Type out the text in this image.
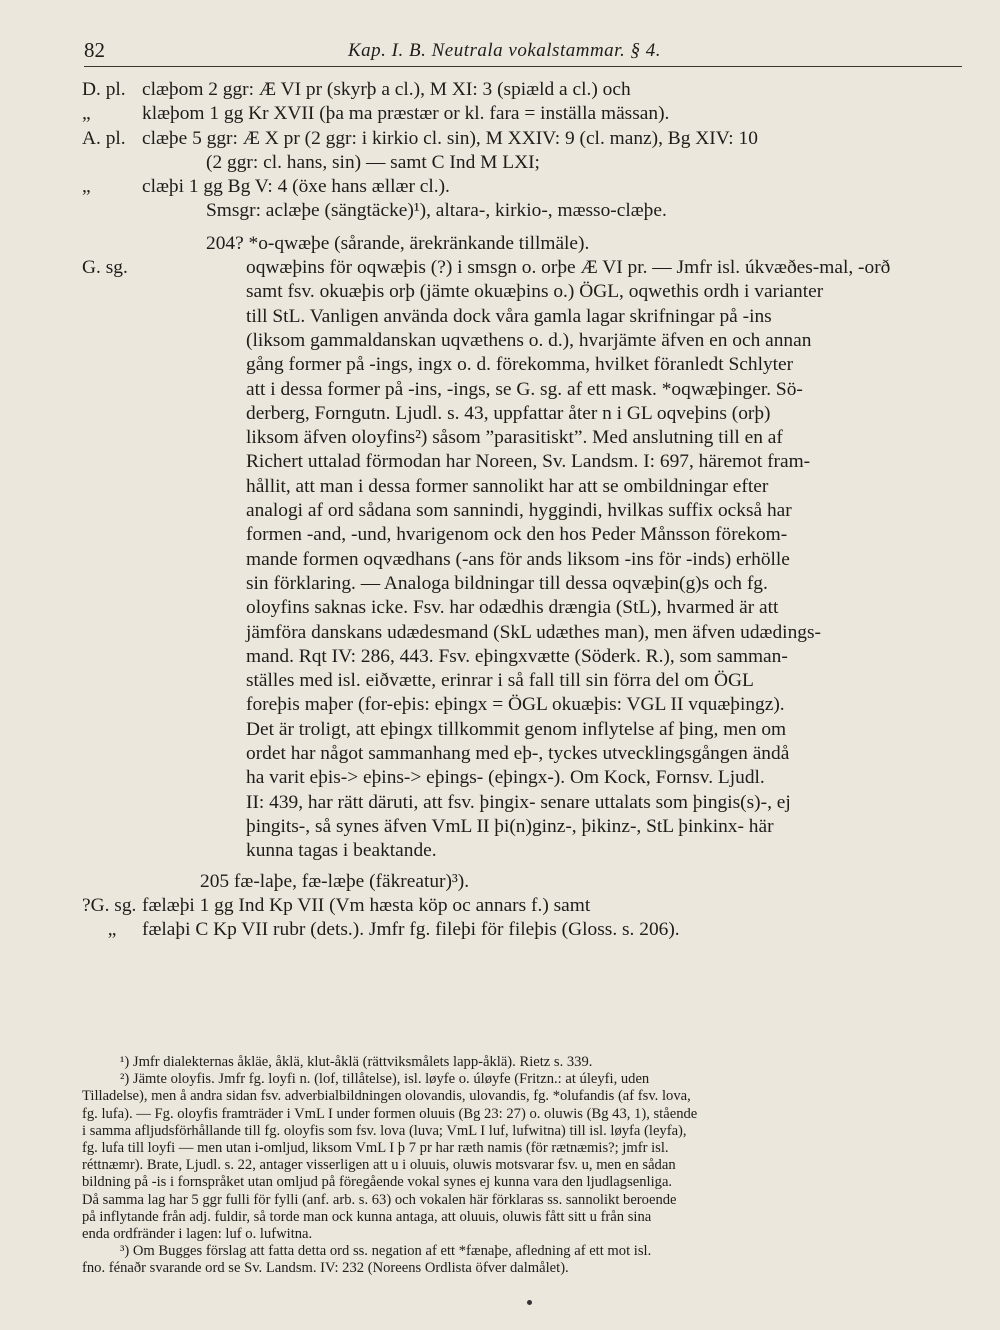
82	Kap. I. B. Neutrala vokalstammar. § 4.
D. pl. clæþom 2 ggr: Æ VI pr (skyrþ a cl.), M XI: 3 (spiæld a cl.) och
„	klæþom 1 gg Kr XVII (þa ma præstær or kl. fara = inställa mässan).
A. pl. clæþe 5 ggr: Æ X pr (2 ggr: i kirkio cl. sin), M XXIV: 9 (cl. manz), Bg XIV: 10
(2 ggr: cl. hans, sin) — samt C Ind M LXI;
„	clæþi 1 gg Bg V: 4 (öxe hans ællær cl.).
Smsgr: aclæþe (sängtäcke)¹), altara-, kirkio-, mæsso-clæþe.
204? *o-qwæþe (sårande, ärekränkande tillmäle).
G. sg.	oqwæþins för oqwæþis (?) i smsgn o. orþe Æ VI pr. — Jmfr isl. úkvæðes-mal, -orð
samt fsv. okuæþis orþ (jämte okuæþins o.) ÖGL, oqwethis ordh i varianter
till StL. Vanligen använda dock våra gamla lagar skrifningar på -ins
(liksom gammaldanskan uqvæthens o. d.), hvarjämte äfven en och annan
gång former på -ings, ingx o. d. förekomma, hvilket föranledt Schlyter
att i dessa former på -ins, -ings, se G. sg. af ett mask. *oqwæþinger. Sö-
derberg, Forngutn. Ljudl. s. 43, uppfattar åter n i GL oqveþins (orþ)
liksom äfven oloyfins²) såsom ”parasitiskt”. Med anslutning till en af
Richert uttalad förmodan har Noreen, Sv. Landsm. I: 697, häremot fram-
hållit, att man i dessa former sannolikt har att se ombildningar efter
analogi af ord sådana som sannindi, hyggindi, hvilkas suffix också har
formen -and, -und, hvarigenom ock den hos Peder Månsson förekom-
mande formen oqvædhans (-ans för ands liksom -ins för -inds) erhölle
sin förklaring. — Analoga bildningar till dessa oqvæþin(g)s och fg.
oloyfins saknas icke. Fsv. har odædhis drængia (StL), hvarmed är att
jämföra danskans udædesmand (SkL udæthes man), men äfven udædings-
mand. Rqt IV: 286, 443. Fsv. eþingxvætte (Söderk. R.), som samman-
ställes med isl. eiðvætte, erinrar i så fall till sin förra del om ÖGL
foreþis maþer (for-eþis: eþingx = ÖGL okuæþis: VGL II vquæþingz).
Det är troligt, att eþingx tillkommit genom inflytelse af þing, men om
ordet har något sammanhang med eþ-, tyckes utvecklingsgången ändå
ha varit eþis-> eþins-> eþings- (eþingx-). Om Kock, Fornsv. Ljudl.
II: 439, har rätt däruti, att fsv. þingix- senare uttalats som þingis(s)-, ej
þingits-, så synes äfven VmL II þi(n)ginz-, þikinz-, StL þinkinx- här
kunna tagas i beaktande.
205 fæ-laþe, fæ-læþe (fäkreatur)³).
?G. sg. fælæþi 1 gg Ind Kp VII (Vm hæsta köp oc annars f.) samt
„	fælaþi C Kp VII rubr (dets.). Jmfr fg. fileþi för fileþis (Gloss. s. 206).
¹) Jmfr dialekternas åkläe, åklä, klut-åklä (rättviksmålets lapp-åklä). Rietz s. 339.
²) Jämte oloyfis. Jmfr fg. loyfi n. (lof, tillåtelse), isl. løyfe o. úløyfe (Fritzn.: at úleyfi, uden
Tilladelse), men å andra sidan fsv. adverbialbildningen olovandis, ulovandis, fg. *olufandis (af fsv. lova,
fg. lufa). — Fg. oloyfis framträder i VmL I under formen oluuis (Bg 23: 27) o. oluwis (Bg 43, 1), stående
i samma afljudsförhållande till fg. oloyfis som fsv. lova (luva; VmL I luf, lufwitna) till isl. løyfa (leyfa),
fg. lufa till loyfi — men utan i-omljud, liksom VmL I þ 7 pr har ræth namis (för rætnæmis?; jmfr isl.
réttnæmr). Brate, Ljudl. s. 22, antager visserligen att u i oluuis, oluwis motsvarar fsv. u, men en sådan
bildning på -is i fornspråket utan omljud på föregående vokal synes ej kunna vara den ljudlagsenliga.
Då samma lag har 5 ggr fulli för fylli (anf. arb. s. 63) och vokalen här förklaras ss. sannolikt beroende
på inflytande från adj. fuldir, så torde man ock kunna antaga, att oluuis, oluwis fått sitt u från sina
enda ordfränder i lagen: luf o. lufwitna.
³) Om Bugges förslag att fatta detta ord ss. negation af ett *fænaþe, afledning af ett mot isl.
fno. fénaðr svarande ord se Sv. Landsm. IV: 232 (Noreens Ordlista öfver dalmålet).
